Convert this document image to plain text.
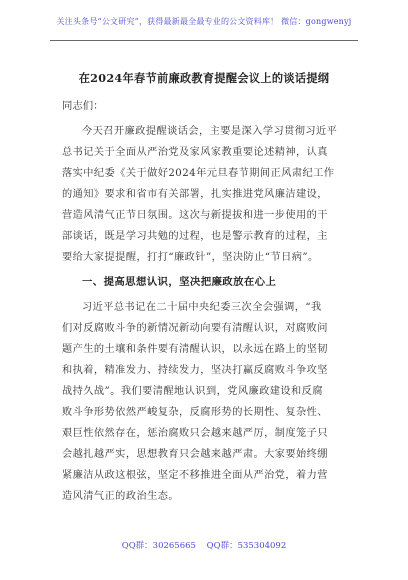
关注头条号“公文研究”，获得最新最全最专业的公文资料库！ 微信：gongwenyj
在2024年春节前廉政教育提醒会议上的谈话提纲
同志们：
今天召开廉政提醒谈话会，主要是深入学习贯彻习近平
总书记关于全面从严治党及家风家教重要论述精神，认真
落实中纪委《关于做好2024年元旦春节期间正风肃纪工作
的通知》要求和省市有关部署，扎实推进党风廉洁建设，
营造风清气正节日氛围。这次与新提拔和进一步使用的干
部谈话，既是学习共勉的过程，也是警示教育的过程，主
要给大家提提醒，打打“廉政针”，坚决防止“节日病”。
一、提高思想认识，坚决把廉政放在心上
习近平总书记在二十届中央纪委三次全会强调，“我
们对反腐败斗争的新情况新动向要有清醒认识，对腐败问
题产生的土壤和条件要有清醒认识，以永远在路上的坚韧
和执着，精准发力、持续发力，坚决打赢反腐败斗争攻坚
战持久战”。我们要清醒地认识到，党风廉政建设和反腐
败斗争形势依然严峻复杂，反腐形势的长期性、复杂性、
艰巨性依然存在，惩治腐败只会越来越严厉，制度笼子只
会越扎越严实，思想教育只会越来越严肃。大家要始终绷
紧廉洁从政这根弦，坚定不移推进全面从严治党，着力营
造风清气正的政治生态。
QQ群：30265665 QQ群：535304092
